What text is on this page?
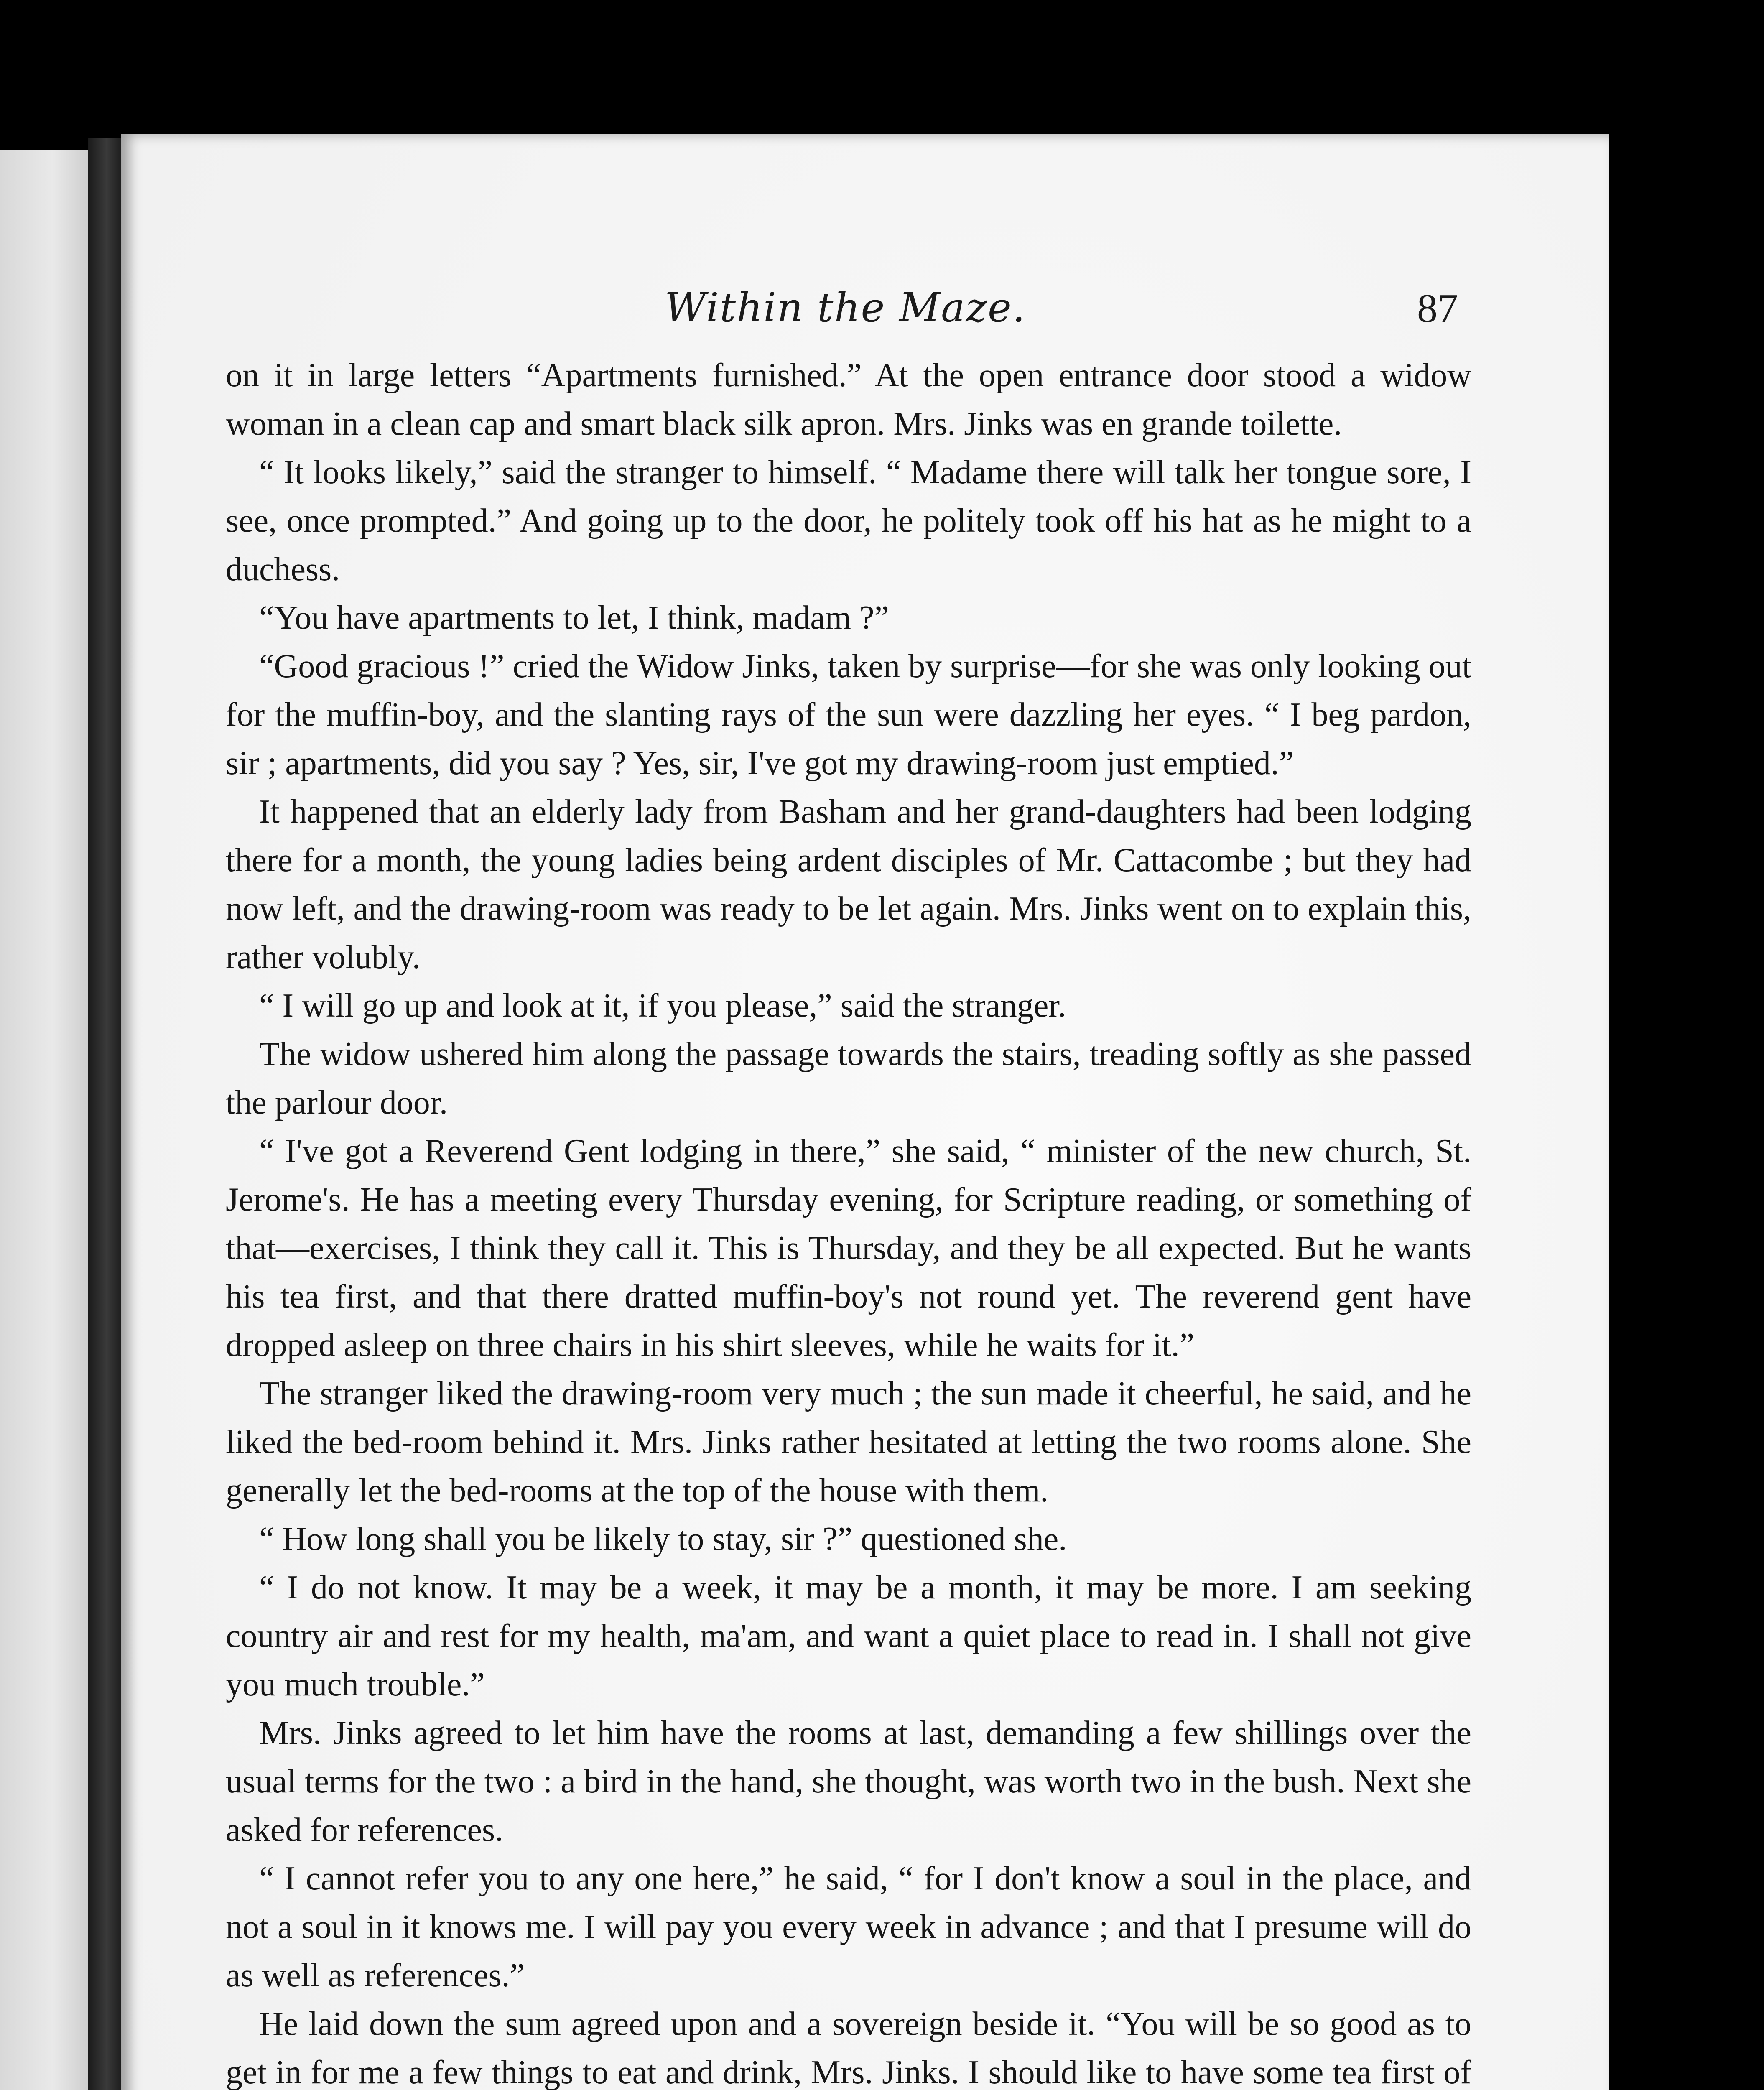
Within the Maze.	87

on it in large letters “Apartments furnished.” At the open entrance door stood a widow woman in a clean cap and smart black silk apron. Mrs. Jinks was en grande toilette.

“ It looks likely,” said the stranger to himself. “ Madame there will talk her tongue sore, I see, once prompted.” And going up to the door, he politely took off his hat as he might to a duchess.

“You have apartments to let, I think, madam ?”

“Good gracious !” cried the Widow Jinks, taken by surprise—for she was only looking out for the muffin-boy, and the slanting rays of the sun were dazzling her eyes. “ I beg pardon, sir ; apartments, did you say ? Yes, sir, I've got my drawing-room just emptied.”

It happened that an elderly lady from Basham and her grand-daughters had been lodging there for a month, the young ladies being ardent disciples of Mr. Cattacombe ; but they had now left, and the drawing-room was ready to be let again. Mrs. Jinks went on to explain this, rather volubly.

“ I will go up and look at it, if you please,” said the stranger.

The widow ushered him along the passage towards the stairs, treading softly as she passed the parlour door.

“ I've got a Reverend Gent lodging in there,” she said, “ minister of the new church, St. Jerome's. He has a meeting every Thursday evening, for Scripture reading, or something of that—exercises, I think they call it. This is Thursday, and they be all expected. But he wants his tea first, and that there dratted muffin-boy's not round yet. The reverend gent have dropped asleep on three chairs in his shirt sleeves, while he waits for it.”

The stranger liked the drawing-room very much ; the sun made it cheerful, he said, and he liked the bed-room behind it. Mrs. Jinks rather hesitated at letting the two rooms alone. She generally let the bed-rooms at the top of the house with them.

“ How long shall you be likely to stay, sir ?” questioned she.

“ I do not know. It may be a week, it may be a month, it may be more. I am seeking country air and rest for my health, ma'am, and want a quiet place to read in. I shall not give you much trouble.”

Mrs. Jinks agreed to let him have the rooms at last, demanding a few shillings over the usual terms for the two : a bird in the hand, she thought, was worth two in the bush. Next she asked for references.

“ I cannot refer you to any one here,” he said, “ for I don't know a soul in the place, and not a soul in it knows me. I will pay you every week in advance ; and that I presume will do as well as references.”

He laid down the sum agreed upon and a sovereign beside it. “You will be so good as to get in for me a few things to eat and drink, Mrs. Jinks. I should like to have some tea first of
